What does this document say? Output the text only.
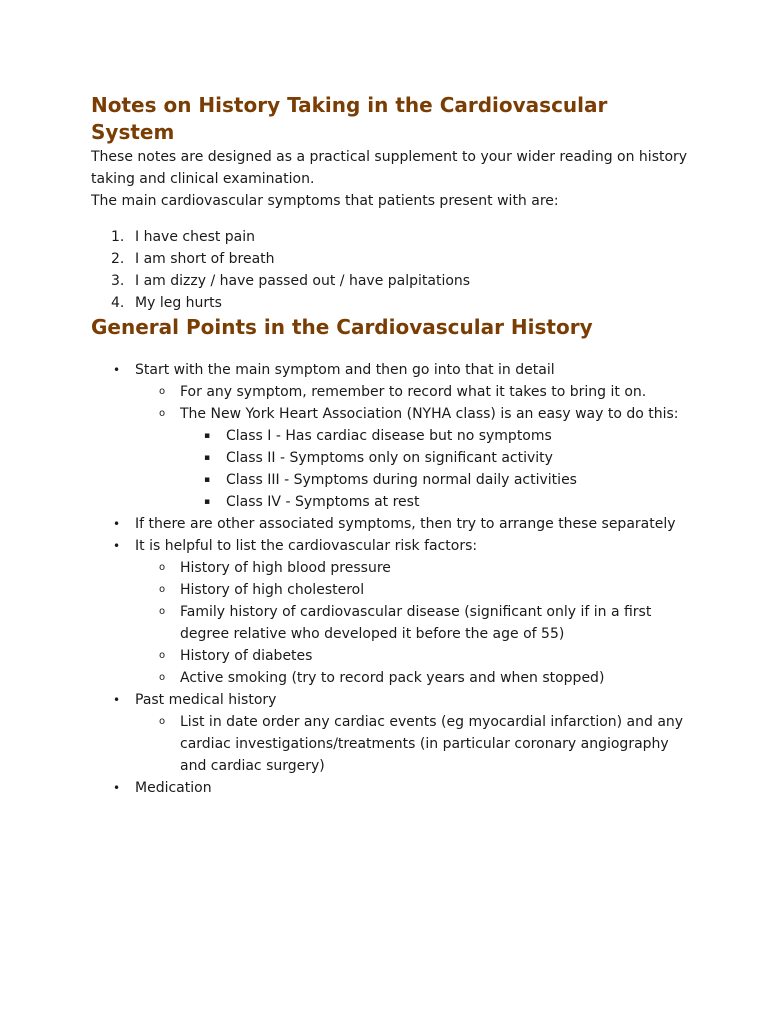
Notes on History Taking in the Cardiovascular System

These notes are designed as a practical supplement to your wider reading on history taking and clinical examination.

The main cardiovascular symptoms that patients present with are:

1. I have chest pain
2. I am short of breath
3. I am dizzy / have passed out / have palpitations
4. My leg hurts
General Points in the Cardiovascular History
• Start with the main symptom and then go into that in detail
o For any symptom, remember to record what it takes to bring it on.
o The New York Heart Association (NYHA class) is an easy way to do this:
▪ Class I - Has cardiac disease but no symptoms
▪ Class II - Symptoms only on significant activity
▪ Class III - Symptoms during normal daily activities
▪ Class IV - Symptoms at rest
• If there are other associated symptoms, then try to arrange these separately
• It is helpful to list the cardiovascular risk factors:
o History of high blood pressure
o History of high cholesterol
o Family history of cardiovascular disease (significant only if in a first degree relative who developed it before the age of 55)
o History of diabetes
o Active smoking (try to record pack years and when stopped)
• Past medical history
o List in date order any cardiac events (eg myocardial infarction) and any cardiac investigations/treatments (in particular coronary angiography and cardiac surgery)
• Medication
